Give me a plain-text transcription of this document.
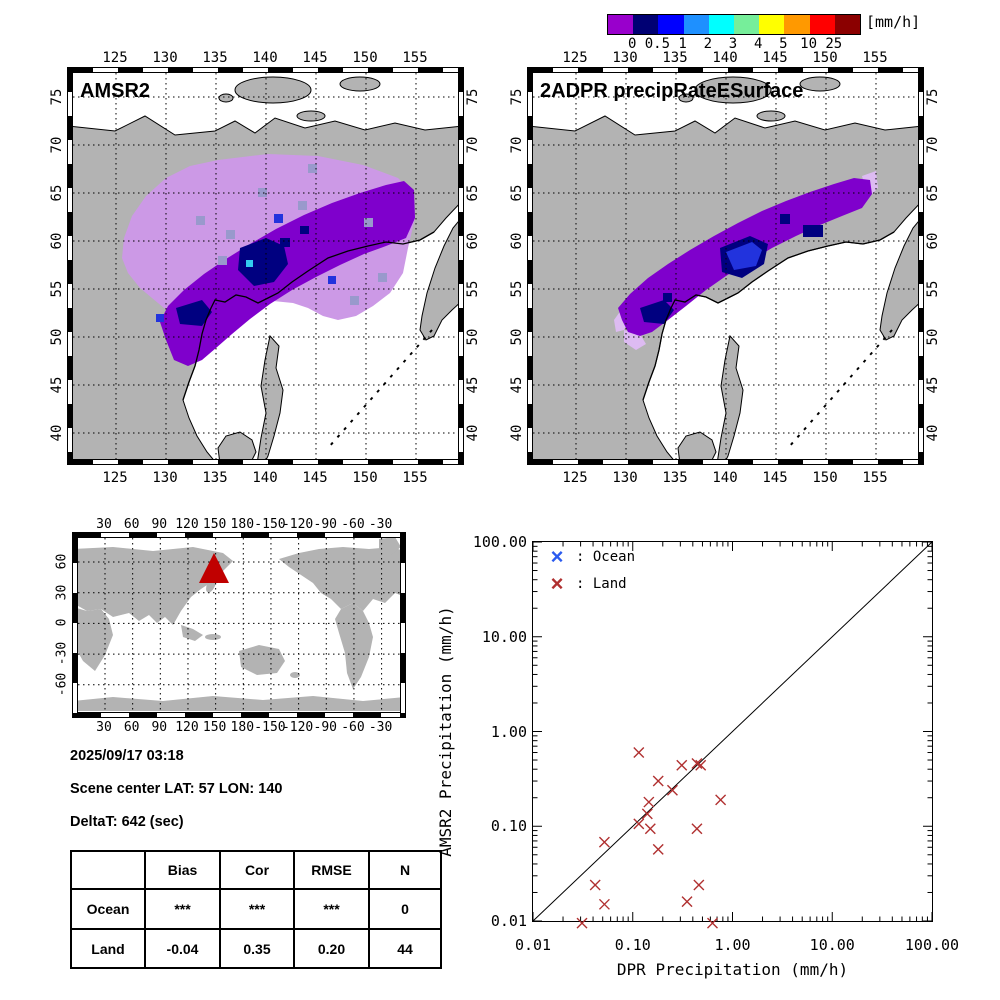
[mm/h]
AMSR2	2ADPR precipRateESurface
2025/09/17 03:18
Scene center LAT: 57 LON: 140
DeltaT: 642 (sec)
	Bias	Cor	RMSE	N
Ocean	***	***	***	0
Land	-0.04	0.35	0.20	44
× : Ocean
× : Land
DPR Precipitation (mm/h)
AMSR2 Precipitation (mm/h)
0 0.5 1	2	3	4	5 10 25
125
125
130
130
135
135
140
140
145
145
150
150
155
155
75	75
70	70
65	65
60	60
55	55
50	50
45	45
40	40
125
125
130
130
135
135
140
140
145
145
150
150
155
155
75	75
70	70
65	65
60	60
55	55
50	50
45	45
40	40
30
30
60
60
90
90
120
120
150
150
180
180
-150
-150
-120
-120
-90
-90
-60
-60
-30
-30
60
30
0
-30
-60
0.01	0.10	1.00	10.00	100.00
100.00
10.00
1.00
0.10
0.01
